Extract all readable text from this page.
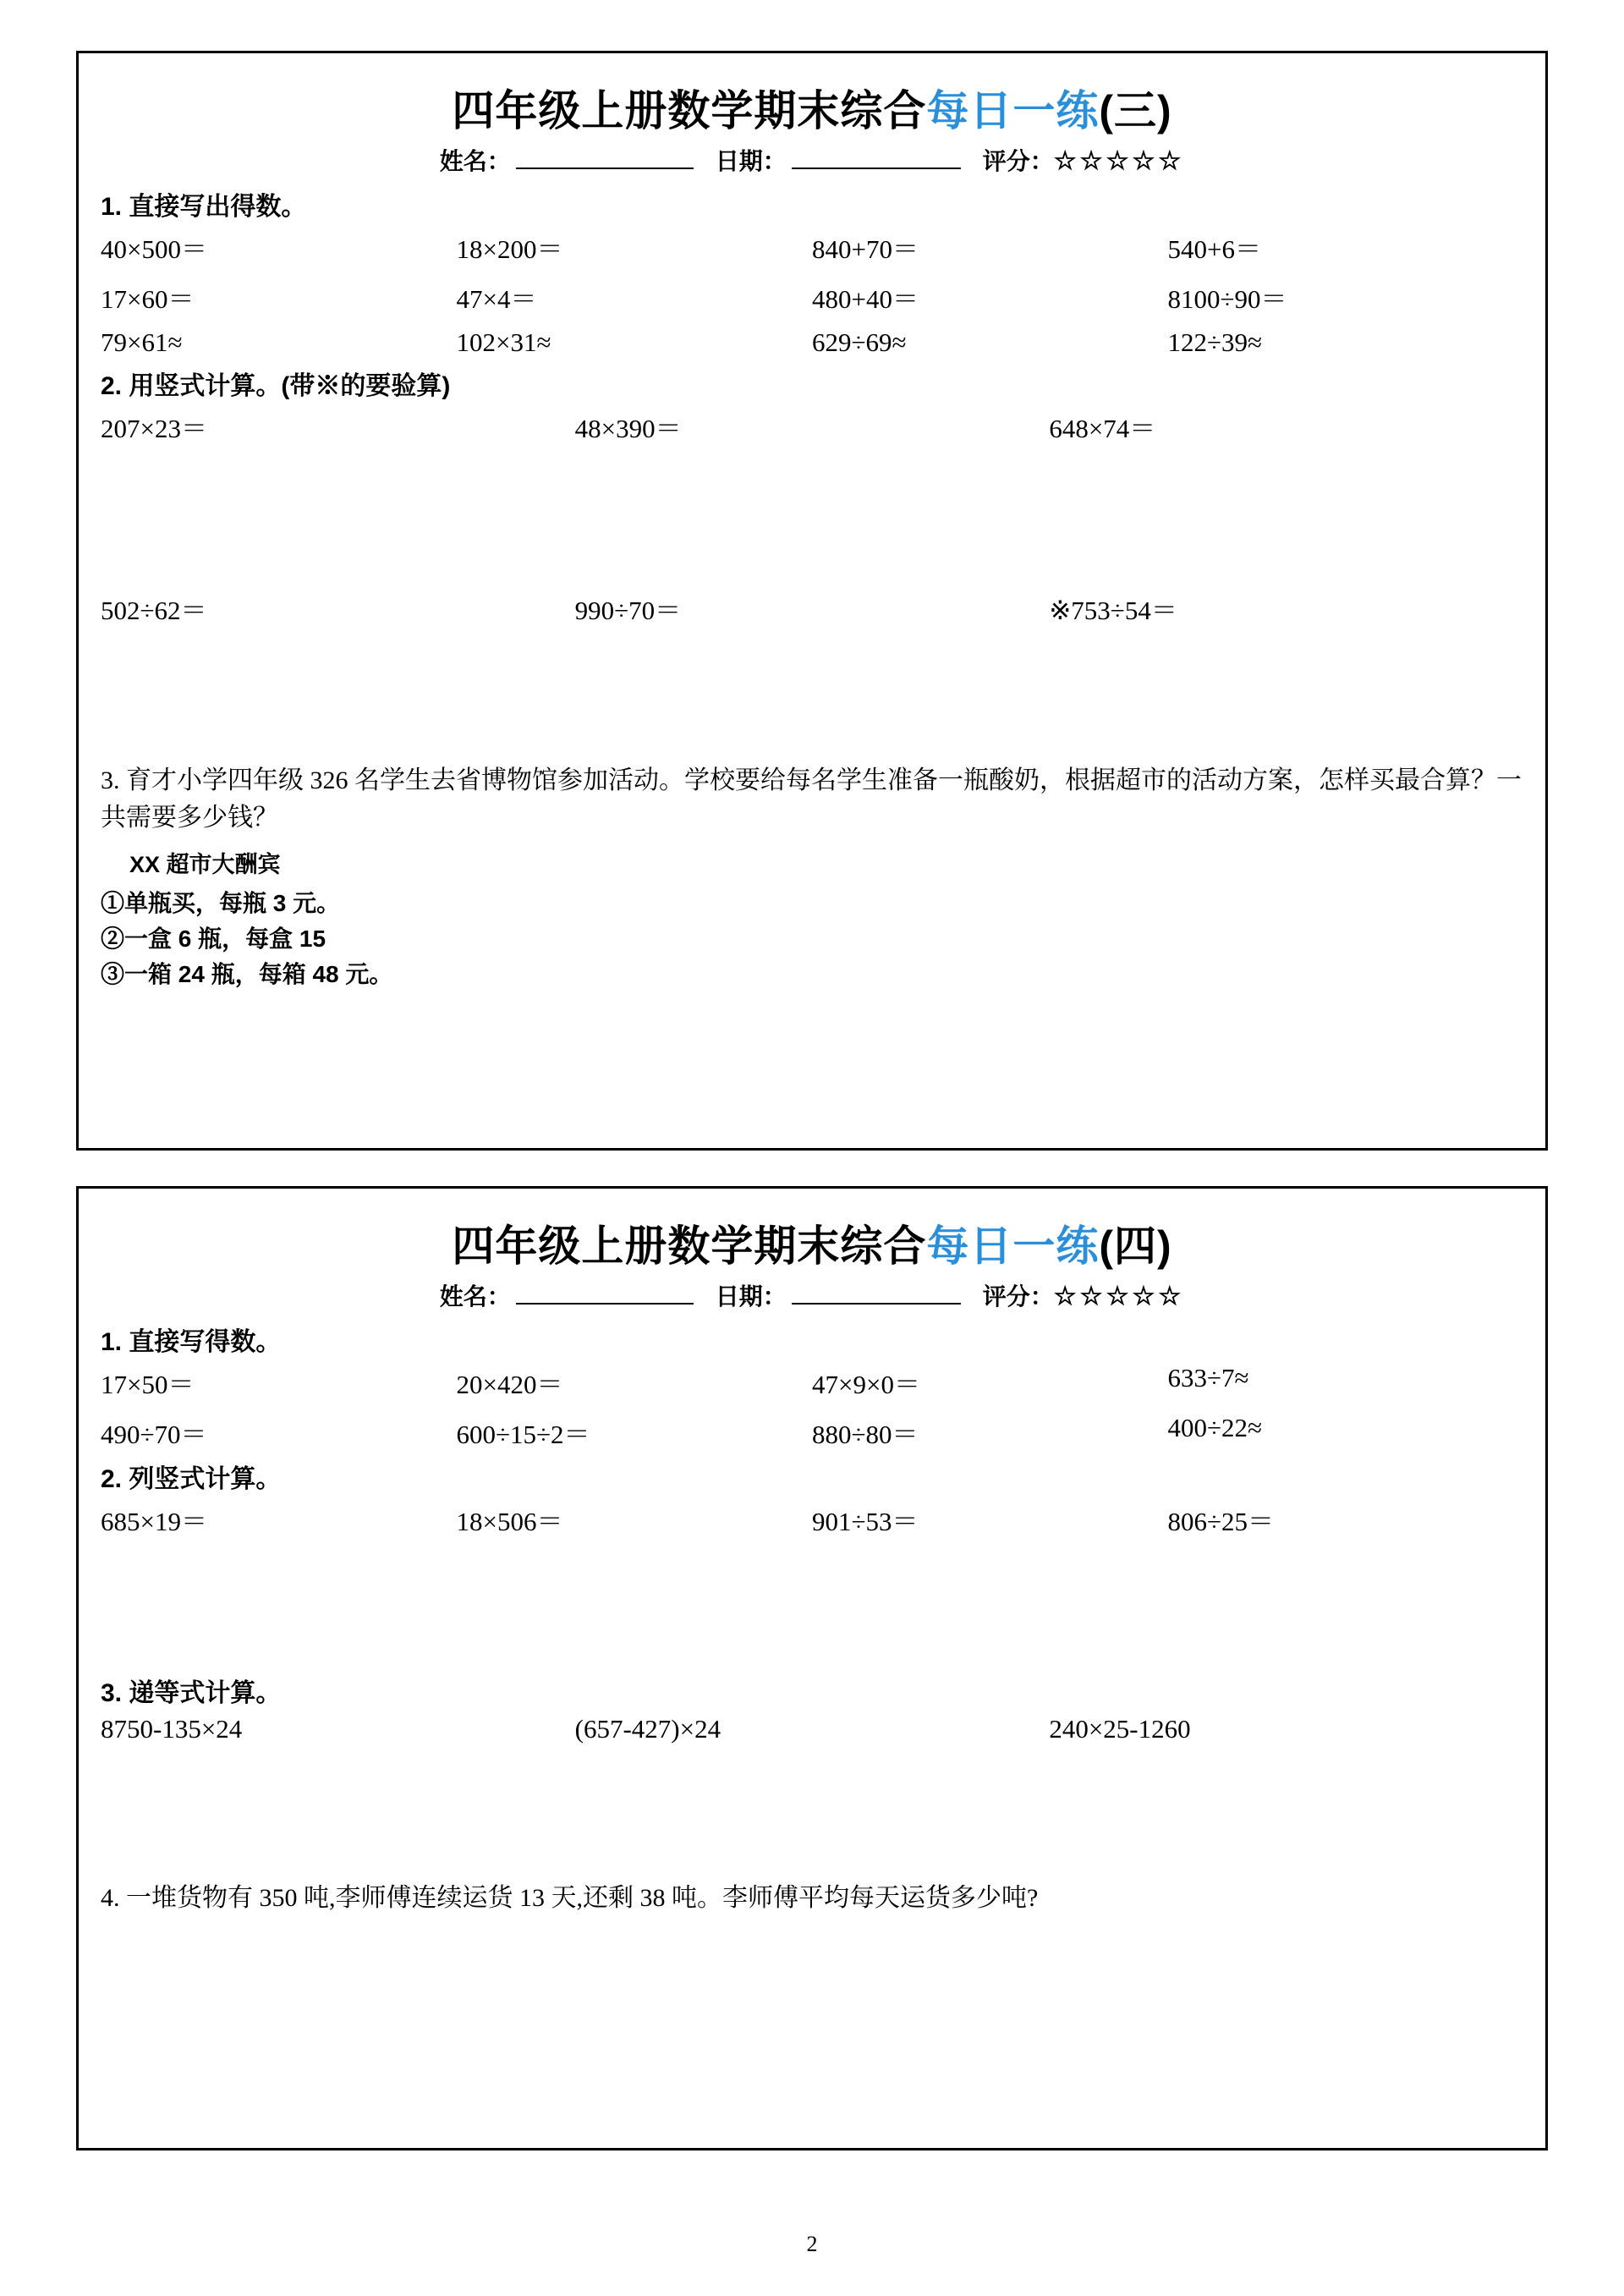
四年级上册数学期末综合每日一练(三)
姓名：	日期：	评分： ☆☆☆☆☆
1. 直接写出得数。
40×500＝	18×200＝	840+70＝	540+6＝
17×60＝	47×4＝	480+40＝	8100÷90＝
79×61≈	102×31≈	629÷69≈	122÷39≈
2. 用竖式计算。(带※的要验算)
207×23＝	48×390＝	648×74＝
502÷62＝	990÷70＝	※753÷54＝
3. 育才小学四年级 326 名学生去省博物馆参加活动。学校要给每名学生准备一瓶酸奶，根据超市的活动方案，怎样买最合算？一共需要多少钱？
XX 超市大酬宾
①单瓶买，每瓶 3 元。
②一盒 6 瓶，每盒 15
③一箱 24 瓶，每箱 48 元。
四年级上册数学期末综合每日一练(四)
姓名：	日期：	评分： ☆☆☆☆☆
1. 直接写得数。
17×50＝	20×420＝	47×9×0＝	633÷7≈
490÷70＝	600÷15÷2＝	880÷80＝	400÷22≈
2. 列竖式计算。
685×19＝	18×506＝	901÷53＝	806÷25＝
3. 递等式计算。
8750-135×24	(657-427)×24	240×25-1260
4. 一堆货物有 350 吨,李师傅连续运货 13 天,还剩 38 吨。李师傅平均每天运货多少吨?
2
